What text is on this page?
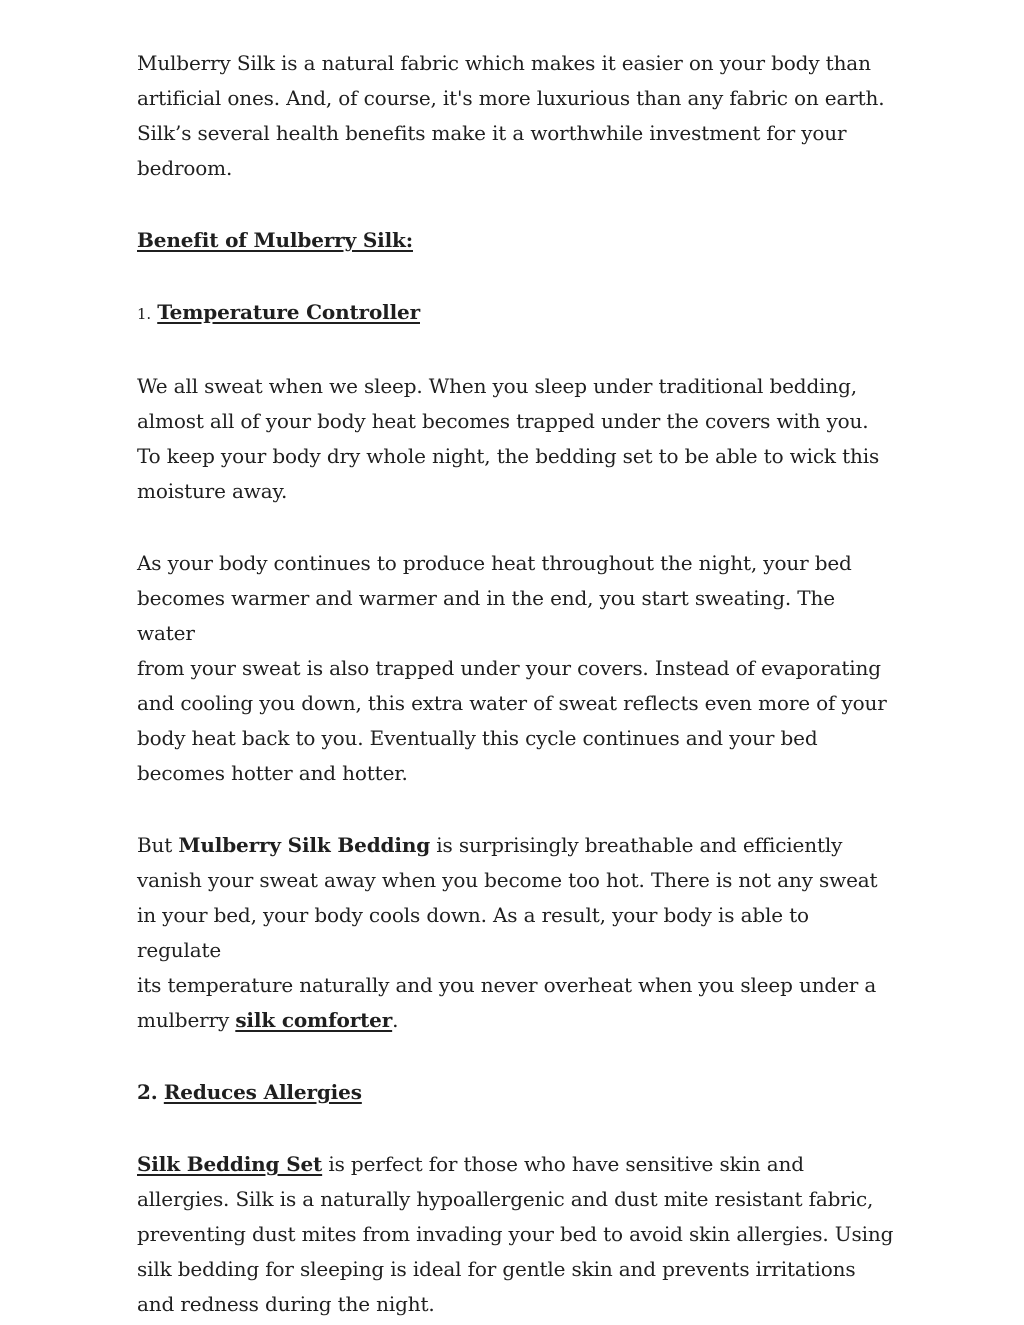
Mulberry Silk is a natural fabric which makes it easier on your body than
artificial ones. And, of course, it's more luxurious than any fabric on earth.
Silk’s several health benefits make it a worthwhile investment for your
bedroom.

Benefit of Mulberry Silk:

1. Temperature Controller

We all sweat when we sleep. When you sleep under traditional bedding,
almost all of your body heat becomes trapped under the covers with you.
To keep your body dry whole night, the bedding set to be able to wick this
moisture away.

As your body continues to produce heat throughout the night, your bed
becomes warmer and warmer and in the end, you start sweating. The water
from your sweat is also trapped under your covers. Instead of evaporating
and cooling you down, this extra water of sweat reflects even more of your
body heat back to you. Eventually this cycle continues and your bed
becomes hotter and hotter.

But Mulberry Silk Bedding is surprisingly breathable and efficiently
vanish your sweat away when you become too hot. There is not any sweat
in your bed, your body cools down. As a result, your body is able to regulate
its temperature naturally and you never overheat when you sleep under a
mulberry silk comforter.

2. Reduces Allergies

Silk Bedding Set is perfect for those who have sensitive skin and
allergies. Silk is a naturally hypoallergenic and dust mite resistant fabric,
preventing dust mites from invading your bed to avoid skin allergies. Using
silk bedding for sleeping is ideal for gentle skin and prevents irritations
and redness during the night.
